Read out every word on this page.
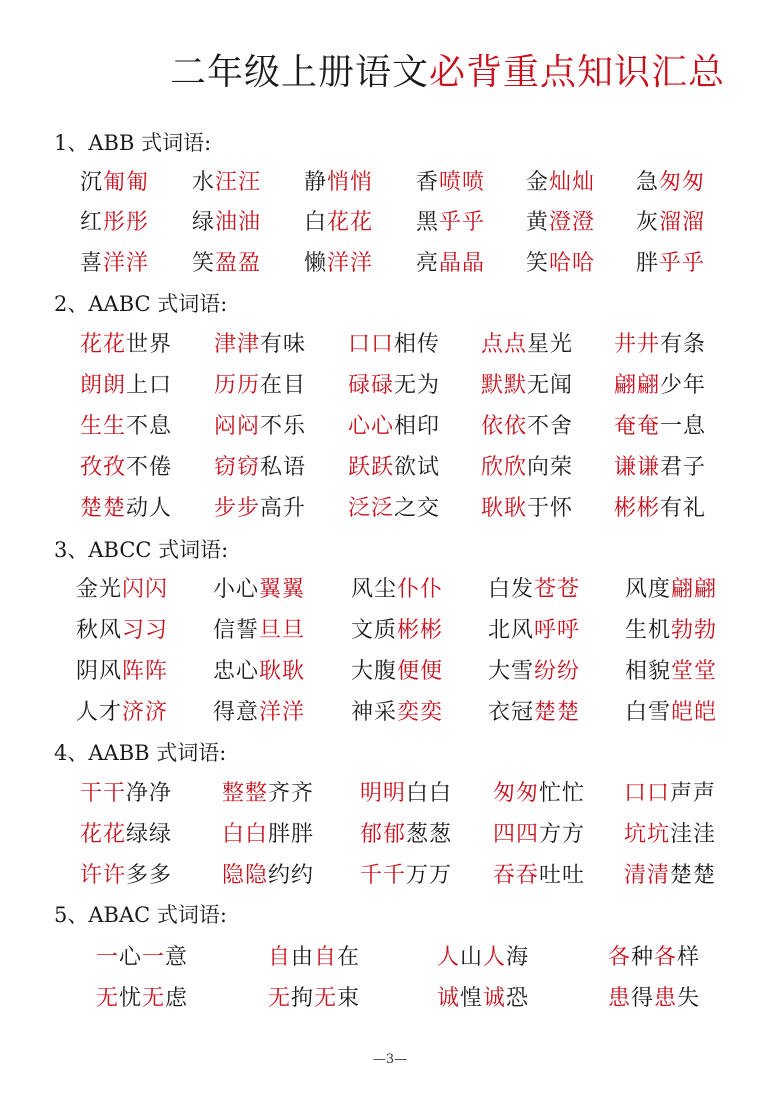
二年级上册语文必背重点知识汇总
1、ABB 式词语:
沉匍匍 水汪汪 静悄悄 香喷喷 金灿灿 急匆匆
红彤彤 绿油油 白花花 黑乎乎 黄澄澄 灰溜溜
喜洋洋 笑盈盈 懒洋洋 亮晶晶 笑哈哈 胖乎乎
2、AABC 式词语:
花花世界 津津有味 口口相传 点点星光 井井有条
朗朗上口 历历在目 碌碌无为 默默无闻 翩翩少年
生生不息 闷闷不乐 心心相印 依依不舍 奄奄一息
孜孜不倦 窃窃私语 跃跃欲试 欣欣向荣 谦谦君子
楚楚动人 步步高升 泛泛之交 耿耿于怀 彬彬有礼
3、ABCC 式词语:
金光闪闪 小心翼翼 风尘仆仆 白发苍苍 风度翩翩
秋风习习 信誓旦旦 文质彬彬 北风呼呼 生机勃勃
阴风阵阵 忠心耿耿 大腹便便 大雪纷纷 相貌堂堂
人才济济 得意洋洋 神采奕奕 衣冠楚楚 白雪皑皑
4、AABB 式词语:
干干净净 整整齐齐 明明白白 匆匆忙忙 口口声声
花花绿绿 白白胖胖 郁郁葱葱 四四方方 坑坑洼洼
许许多多 隐隐约约 千千万万 吞吞吐吐 清清楚楚
5、ABAC 式词语:
一心一意	自由自在	人山人海	各种各样
无忧无虑	无拘无束	诚惶诚恐	患得患失
—3—
